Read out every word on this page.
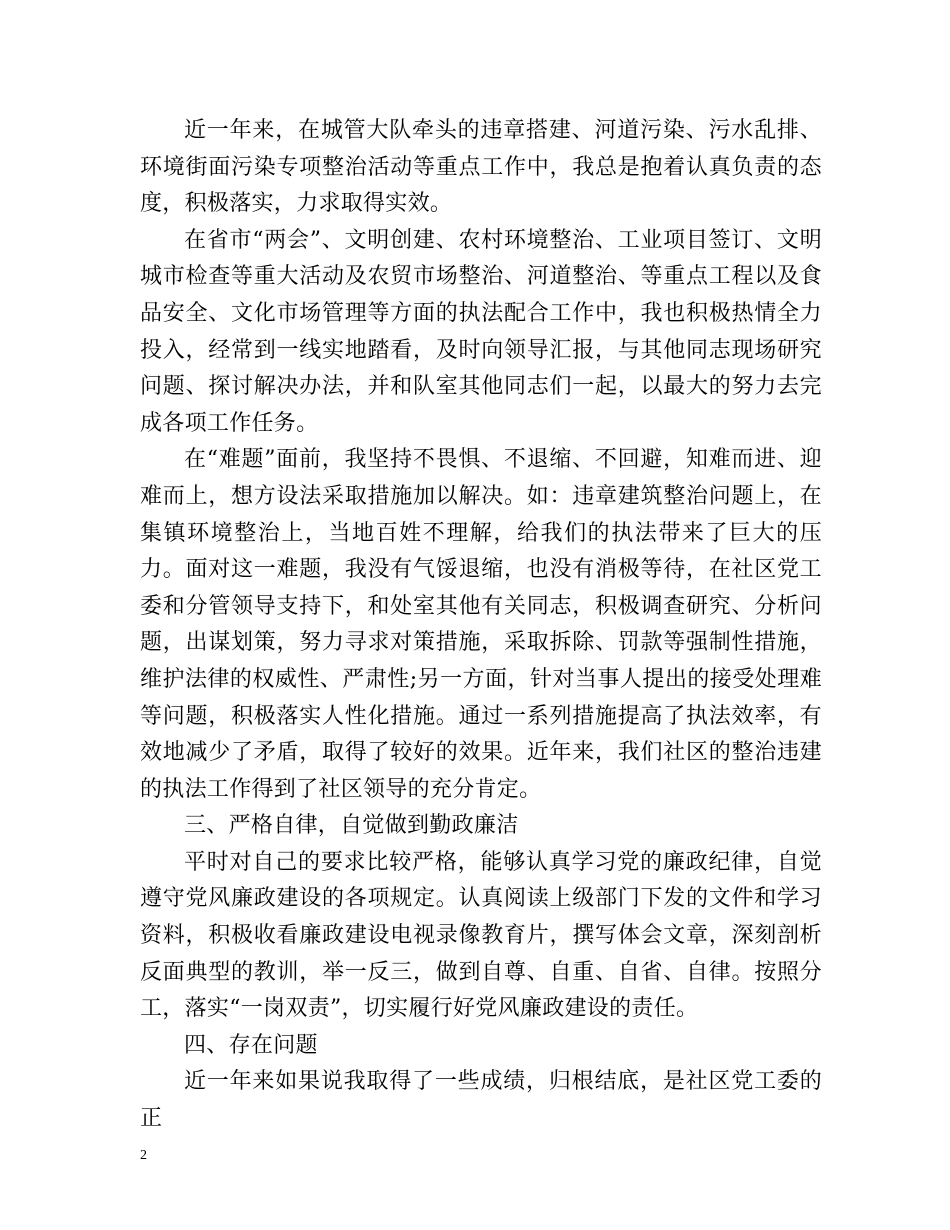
近一年来，在城管大队牵头的违章搭建、河道污染、污水乱排、环境街面污染专项整治活动等重点工作中，我总是抱着认真负责的态度，积极落实，力求取得实效。

在省市“两会”、文明创建、农村环境整治、工业项目签订、文明城市检查等重大活动及农贸市场整治、河道整治、等重点工程以及食品安全、文化市场管理等方面的执法配合工作中，我也积极热情全力投入，经常到一线实地踏看，及时向领导汇报，与其他同志现场研究问题、探讨解决办法，并和队室其他同志们一起，以最大的努力去完成各项工作任务。

在“难题”面前，我坚持不畏惧、不退缩、不回避，知难而进、迎难而上，想方设法采取措施加以解决。如：违章建筑整治问题上，在集镇环境整治上，当地百姓不理解，给我们的执法带来了巨大的压力。面对这一难题，我没有气馁退缩，也没有消极等待，在社区党工委和分管领导支持下，和处室其他有关同志，积极调查研究、分析问题，出谋划策，努力寻求对策措施，采取拆除、罚款等强制性措施，维护法律的权威性、严肃性;另一方面，针对当事人提出的接受处理难等问题，积极落实人性化措施。通过一系列措施提高了执法效率，有效地减少了矛盾，取得了较好的效果。近年来，我们社区的整治违建的执法工作得到了社区领导的充分肯定。

三、严格自律，自觉做到勤政廉洁

平时对自己的要求比较严格，能够认真学习党的廉政纪律，自觉遵守党风廉政建设的各项规定。认真阅读上级部门下发的文件和学习资料，积极收看廉政建设电视录像教育片，撰写体会文章，深刻剖析反面典型的教训，举一反三，做到自尊、自重、自省、自律。按照分工，落实“一岗双责”，切实履行好党风廉政建设的责任。

四、存在问题

近一年来如果说我取得了一些成绩，归根结底，是社区党工委的正

2
